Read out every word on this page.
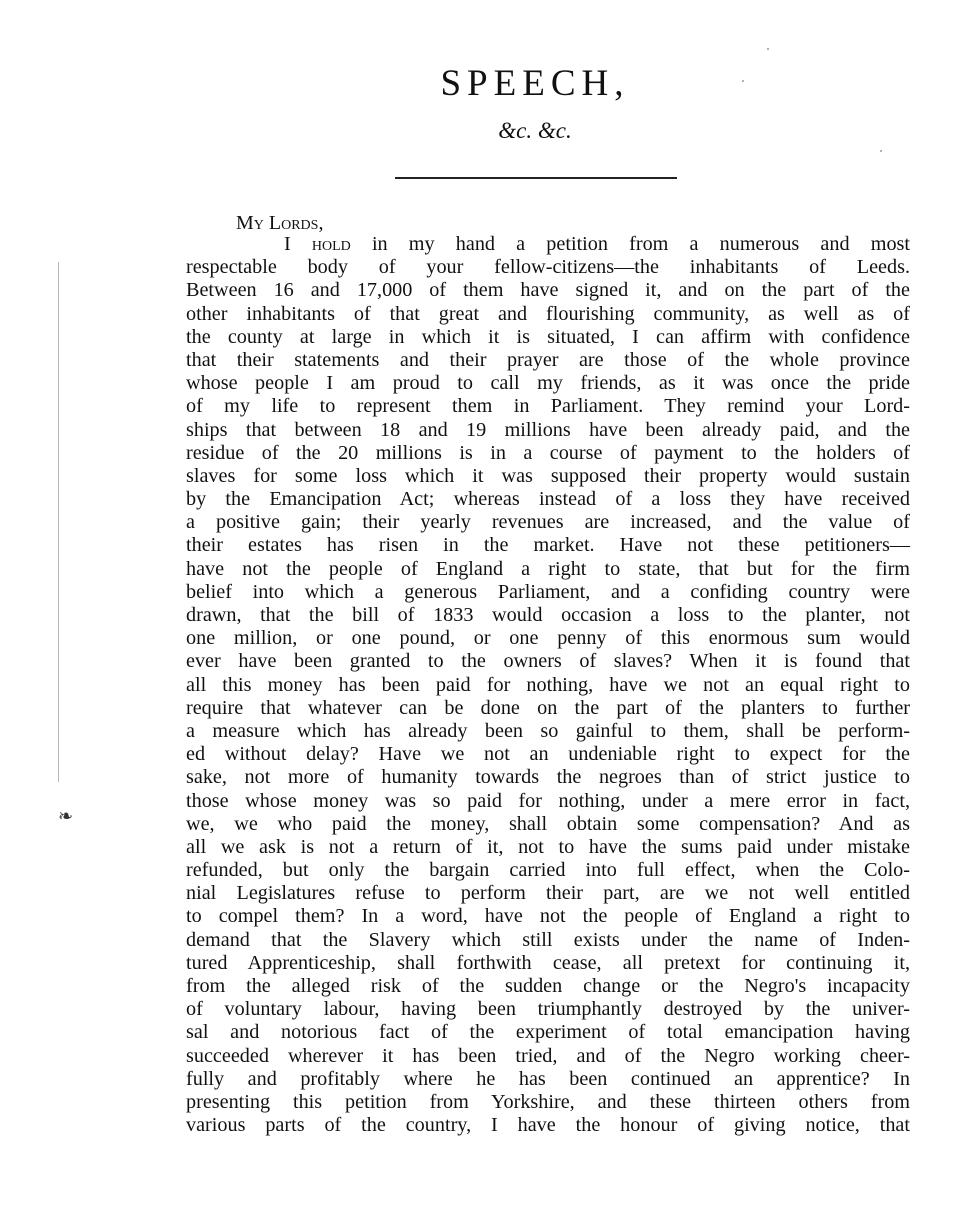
❧
SPEECH,

&c. &c.

My Lords,

I hold in my hand a petition from a numerous and most
respectable body of your fellow-citizens—the inhabitants of Leeds.
Between 16 and 17,000 of them have signed it, and on the part of the
other inhabitants of that great and flourishing community, as well as of
the county at large in which it is situated, I can affirm with confidence
that their statements and their prayer are those of the whole province
whose people I am proud to call my friends, as it was once the pride
of my life to represent them in Parliament. They remind your Lord-
ships that between 18 and 19 millions have been already paid, and the
residue of the 20 millions is in a course of payment to the holders of
slaves for some loss which it was supposed their property would sustain
by the Emancipation Act; whereas instead of a loss they have received
a positive gain; their yearly revenues are increased, and the value of
their estates has risen in the market. Have not these petitioners—
have not the people of England a right to state, that but for the firm
belief into which a generous Parliament, and a confiding country were
drawn, that the bill of 1833 would occasion a loss to the planter, not
one million, or one pound, or one penny of this enormous sum would
ever have been granted to the owners of slaves? When it is found that
all this money has been paid for nothing, have we not an equal right to
require that whatever can be done on the part of the planters to further
a measure which has already been so gainful to them, shall be perform-
ed without delay? Have we not an undeniable right to expect for the
sake, not more of humanity towards the negroes than of strict justice to
those whose money was so paid for nothing, under a mere error in fact,
we, we who paid the money, shall obtain some compensation? And as
all we ask is not a return of it, not to have the sums paid under mistake
refunded, but only the bargain carried into full effect, when the Colo-
nial Legislatures refuse to perform their part, are we not well entitled
to compel them? In a word, have not the people of England a right to
demand that the Slavery which still exists under the name of Inden-
tured Apprenticeship, shall forthwith cease, all pretext for continuing it,
from the alleged risk of the sudden change or the Negro's incapacity
of voluntary labour, having been triumphantly destroyed by the univer-
sal and notorious fact of the experiment of total emancipation having
succeeded wherever it has been tried, and of the Negro working cheer-
fully and profitably where he has been continued an apprentice? In
presenting this petition from Yorkshire, and these thirteen others from
various parts of the country, I have the honour of giving notice, that
